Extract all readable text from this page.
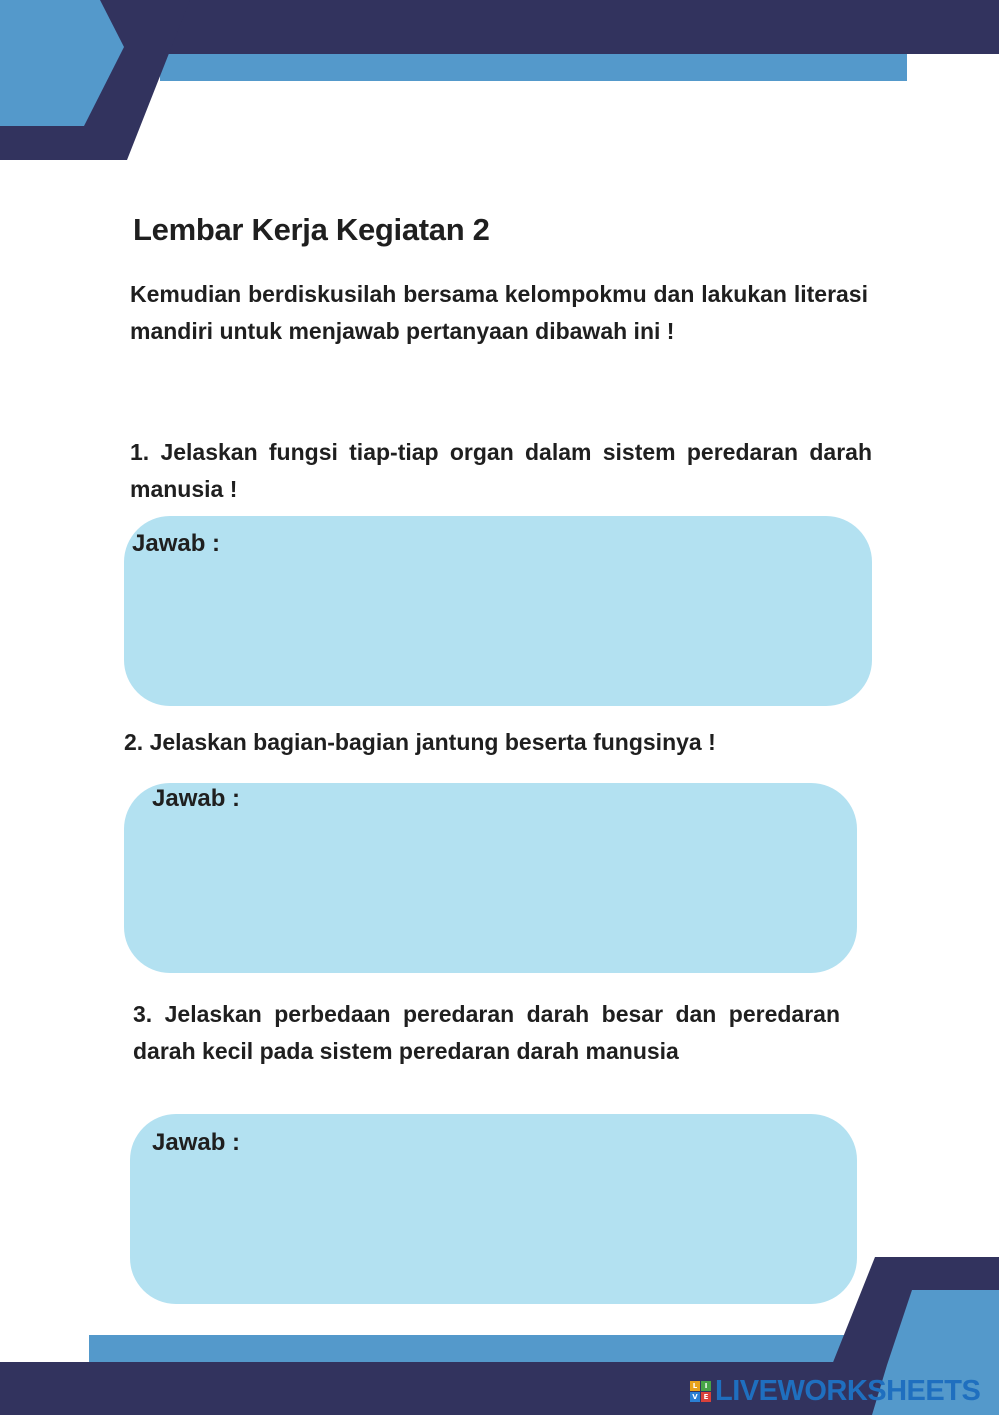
Lembar Kerja Kegiatan 2

Kemudian berdiskusilah bersama kelompokmu dan lakukan literasi mandiri untuk menjawab pertanyaan dibawah ini !

1. Jelaskan fungsi tiap-tiap organ dalam sistem peredaran darah manusia !

Jawab :

2. Jelaskan bagian-bagian jantung beserta fungsinya !

Jawab :

3. Jelaskan perbedaan peredaran darah besar dan peredaran darah kecil pada sistem peredaran darah manusia

Jawab :
L	I
V E LIVEWORKSHEETS
